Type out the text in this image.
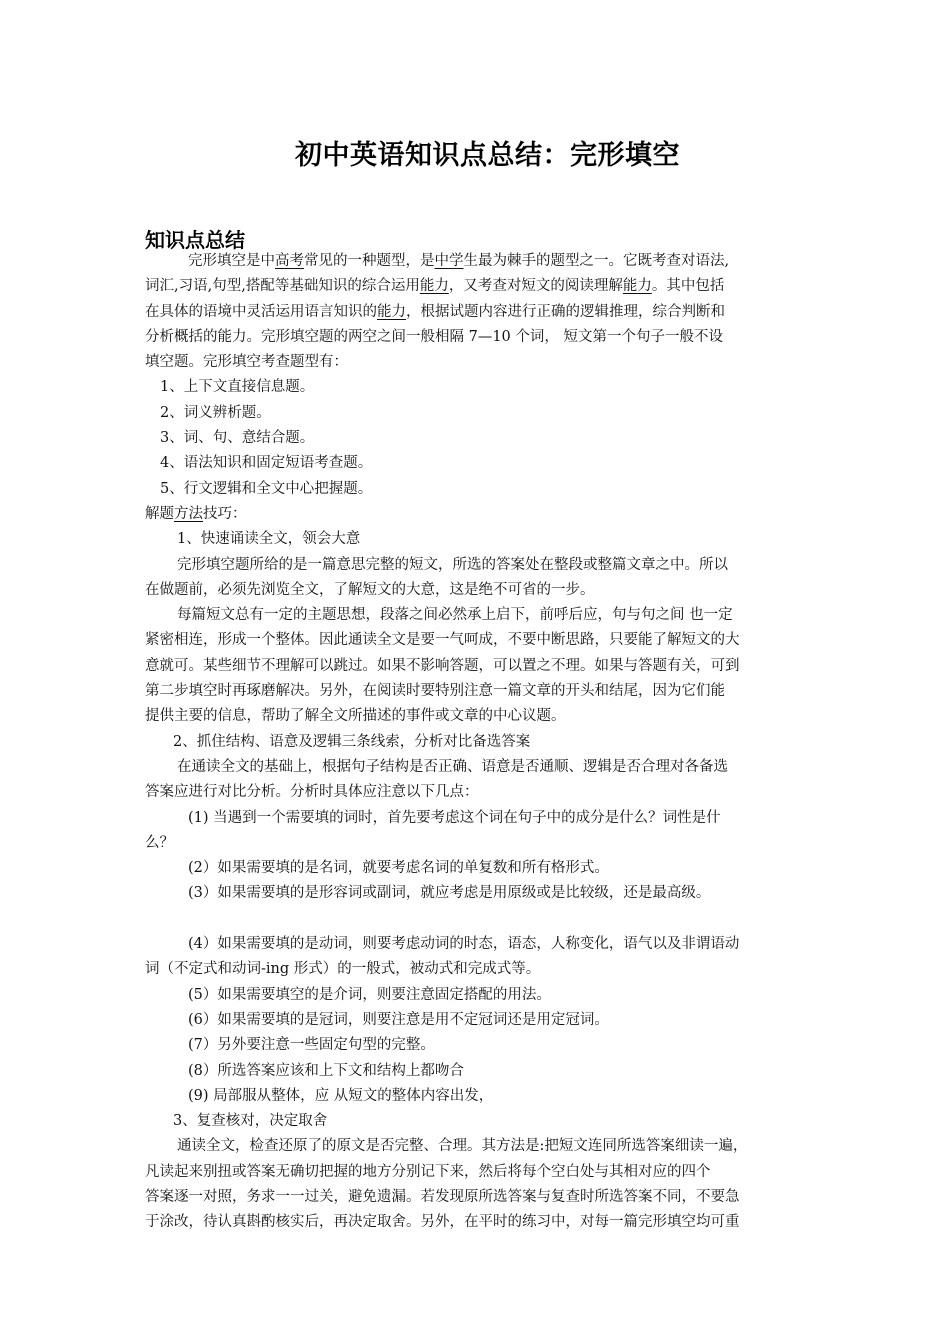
初中英语知识点总结：完形填空
知识点总结
完形填空是中高考常见的一种题型，是中学生最为棘手的题型之一。它既考查对语法,
词汇,习语,句型,搭配等基础知识的综合运用能力，又考查对短文的阅读理解能力。其中包括
在具体的语境中灵活运用语言知识的能力，根据试题内容进行正确的逻辑推理，综合判断和
分析概括的能力。完形填空题的两空之间一般相隔 7—10 个词， 短文第一个句子一般不设
填空题。完形填空考查题型有：
1、上下文直接信息题。
2、词义辨析题。
3、词、句、意结合题。
4、语法知识和固定短语考查题。
5、行文逻辑和全文中心把握题。
解题方法技巧：
1、快速诵读全文，领会大意
完形填空题所给的是一篇意思完整的短文，所选的答案处在整段或整篇文章之中。所以
在做题前，必须先浏览全文，了解短文的大意，这是绝不可省的一步。
每篇短文总有一定的主题思想，段落之间必然承上启下，前呼后应，句与句之间 也一定
紧密相连，形成一个整体。因此通读全文是要一气呵成，不要中断思路，只要能了解短文的大
意就可。某些细节不理解可以跳过。如果不影响答题，可以置之不理。如果与答题有关，可到
第二步填空时再琢磨解决。另外，在阅读时要特别注意一篇文章的开头和结尾，因为它们能
提供主要的信息，帮助了解全文所描述的事件或文章的中心议题。
2、抓住结构、语意及逻辑三条线索，分析对比备选答案
在通读全文的基础上，根据句子结构是否正确、语意是否通顺、逻辑是否合理对各备选
答案应进行对比分析。分析时具体应注意以下几点：
(1) 当遇到一个需要填的词时，首先要考虑这个词在句子中的成分是什么？词性是什
么？
(2）如果需要填的是名词，就要考虑名词的单复数和所有格形式。
(3）如果需要填的是形容词或副词，就应考虑是用原级或是比较级，还是最高级。
(4）如果需要填的是动词，则要考虑动词的时态，语态，人称变化，语气以及非谓语动
词（不定式和动词-ing 形式）的一般式，被动式和完成式等。
(5）如果需要填空的是介词，则要注意固定搭配的用法。
(6）如果需要填的是冠词，则要注意是用不定冠词还是用定冠词。
(7）另外要注意一些固定句型的完整。
(8）所选答案应该和上下文和结构上都吻合
(9) 局部服从整体，应 从短文的整体内容出发，
3、复查核对，决定取舍
通读全文，检查还原了的原文是否完整、合理。其方法是:把短文连同所选答案细读一遍，
凡读起来别扭或答案无确切把握的地方分别记下来，然后将每个空白处与其相对应的四个
答案逐一对照，务求一一过关，避免遗漏。若发现原所选答案与复查时所选答案不同，不要急
于涂改，待认真斟酌核实后，再决定取舍。另外，在平时的练习中，对每一篇完形填空均可重
